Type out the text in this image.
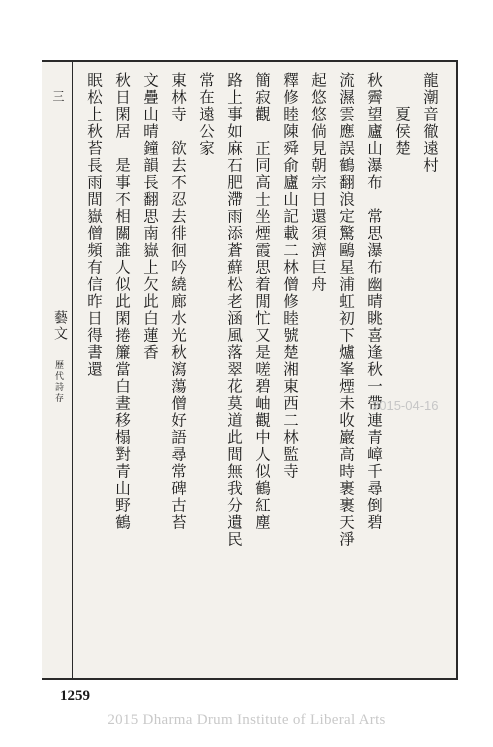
三
藝文
歷代詩存
龍潮音徹遠村
　　夏侯楚
秋霽望廬山瀑布　常思瀑布幽晴眺喜逢秋一帶連青嶂千尋倒碧
流濕雲應誤鶴翻浪定驚鷗星浦虹初下爐峯煙未收巖高時裹裹天淨
起悠悠倘見朝宗日還須濟巨舟
釋修睦陳舜俞廬山記載二林僧修睦號楚湘東西二林監寺
簡寂觀　正同高士坐煙霞思着閒忙又是嗟碧岫觀中人似鶴紅塵
路上事如麻石肥滯雨添蒼蘚松老涵風落翠花莫道此間無我分遺民
常在遠公家
東林寺　欲去不忍去徘徊吟繞廊水光秋瀉蕩僧好語尋常碑古苔
文疊山晴鐘韻長翻思南嶽上欠此白蓮香
秋日閑居　是事不相關誰人似此閑捲簾當白晝移榻對青山野鶴
眠松上秋苔長雨間嶽僧頻有信昨日得書還
2015-04-16
1259
2015 Dharma Drum Institute of Liberal Arts
